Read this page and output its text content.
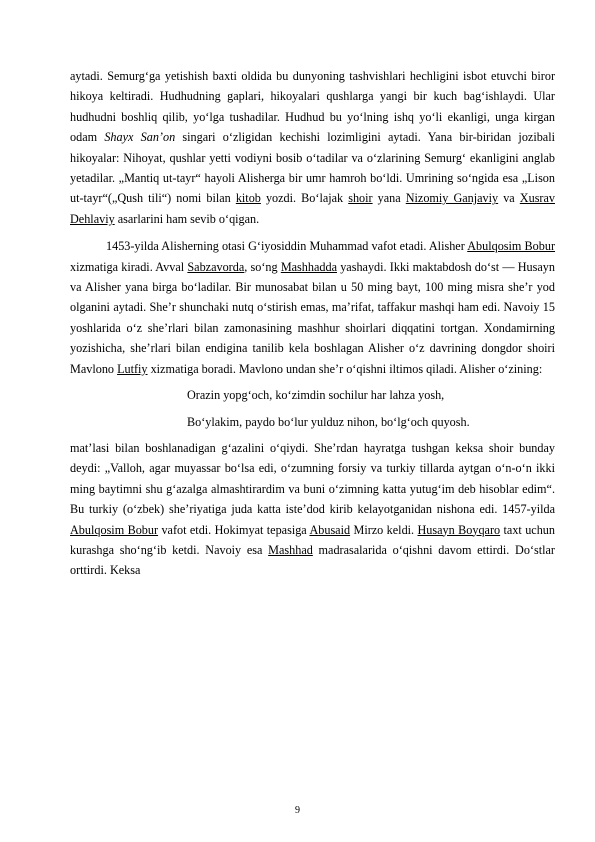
aytadi. Semurg‘ga yetishish baxti oldida bu dunyoning tashvishlari hechligini isbot etuvchi biror hikoya keltiradi. Hudhudning gaplari, hikoyalari qushlarga yangi bir kuch bag‘ishlaydi. Ular hudhudni boshliq qilib, yo‘lga tushadilar. Hudhud bu yo‘lning ishq yo‘li ekanligi, unga kirgan odam Shayx San’on singari o‘zligidan kechishi lozimligini aytadi. Yana bir-biridan jozibali hikoyalar: Nihoyat, qushlar yetti vodiyni bosib o‘tadilar va o‘zlarining Semurg‘ ekanligini anglab yetadilar. „Mantiq ut-tayr“ hayoli Alisherga bir umr hamroh bo‘ldi. Umrining so‘ngida esa „Lison ut-tayr“(„Qush tili“) nomi bilan kitob yozdi. Bo‘lajak shoir yana Nizomiy Ganjaviy va Xusrav Dehlaviy asarlarini ham sevib o‘qigan.

1453-yilda Alisherning otasi G‘iyosiddin Muhammad vafot etadi. Alisher Abulqosim Bobur xizmatiga kiradi. Avval Sabzavorda, so‘ng Mashhadda yashaydi. Ikki maktabdosh do‘st — Husayn va Alisher yana birga bo‘ladilar. Bir munosabat bilan u 50 ming bayt, 100 ming misra she’r yod olganini aytadi. She’r shunchaki nutq o‘stirish emas, ma’rifat, taffakur mashqi ham edi. Navoiy 15 yoshlarida o‘z she’rlari bilan zamonasining mashhur shoirlari diqqatini tortgan. Xondamirning yozishicha, she’rlari bilan endigina tanilib kela boshlagan Alisher o‘z davrining dongdor shoiri Mavlono Lutfiy xizmatiga boradi. Mavlono undan she’r o‘qishni iltimos qiladi. Alisher o‘zining:

Orazin yopg‘och, ko‘zimdin sochilur har lahza yosh,

Bo‘ylakim, paydo bo‘lur yulduz nihon, bo‘lg‘och quyosh.

mat’lasi bilan boshlanadigan g‘azalini o‘qiydi. She’rdan hayratga tushgan keksa shoir bunday deydi: „Valloh, agar muyassar bo‘lsa edi, o‘zumning forsiy va turkiy tillarda aytgan o‘n-o‘n ikki ming baytimni shu g‘azalga almashtirardim va buni o‘zimning katta yutug‘im deb hisoblar edim“. Bu turkiy (o‘zbek) she’riyatiga juda katta iste’dod kirib kelayotganidan nishona edi. 1457-yilda Abulqosim Bobur vafot etdi. Hokimyat tepasiga Abusaid Mirzo keldi. Husayn Boyqaro taxt uchun kurashga sho‘ng‘ib ketdi. Navoiy esa Mashhad madrasalarida o‘qishni davom ettirdi. Do‘stlar orttirdi. Keksa

9
